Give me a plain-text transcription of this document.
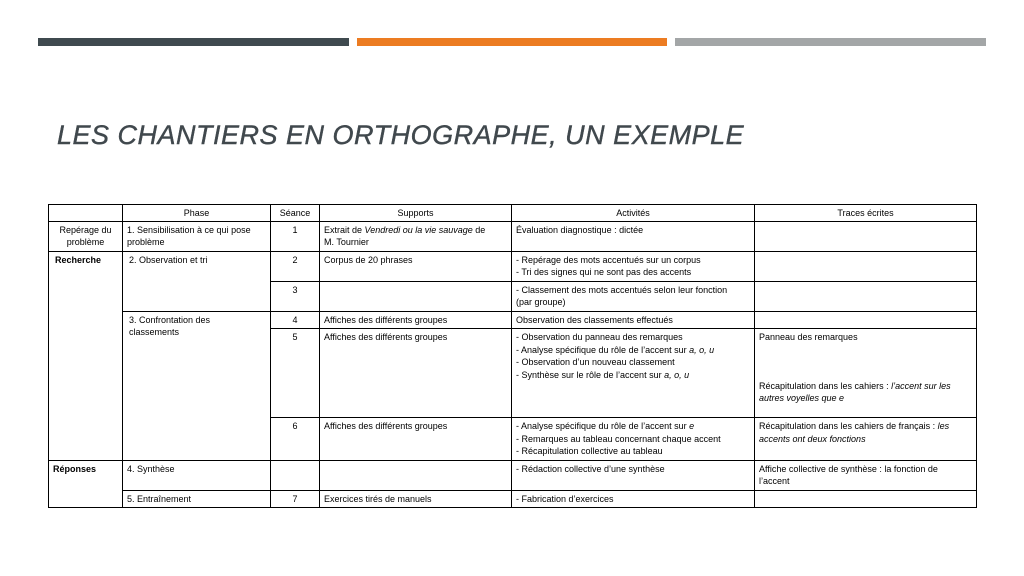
LES CHANTIERS EN ORTHOGRAPHE, UN EXEMPLE
	Phase	Séance	Supports	Activités	Traces écrites

Repérage du
problème	1. Sensibilisation à ce qui pose
problème	1	Extrait de Vendredi ou la vie sauvage de
M. Tournier	Évaluation diagnostique : dictée	
Recherche	2. Observation et tri	2	Corpus de 20 phrases	- Repérage des mots accentués sur un corpus
- Tri des signes qui ne sont pas des accents	

		3		- Classement des mots accentués selon leur fonction
(par groupe)	

	3. Confrontation des
classements	4	Affiches des différents groupes	Observation des classements effectués	
		5	Affiches des différents groupes	- Observation du panneau des remarques
- Analyse spécifique du rôle de l’accent sur a, o, u
- Observation d’un nouveau classement
- Synthèse sur le rôle de l’accent sur a, o, u	Panneau des remarques
Récapitulation dans les cahiers : l’accent sur les
autres voyelles que e

		6	Affiches des différents groupes	- Analyse spécifique du rôle de l’accent sur e
- Remarques au tableau concernant chaque accent
- Récapitulation collective au tableau	Récapitulation dans les cahiers de français : les
accents ont deux fonctions

Réponses	4. Synthèse			- Rédaction collective d’une synthèse	Affiche collective de synthèse : la fonction de
l’accent

	5. Entraînement	7	Exercices tirés de manuels	- Fabrication d’exercices	
